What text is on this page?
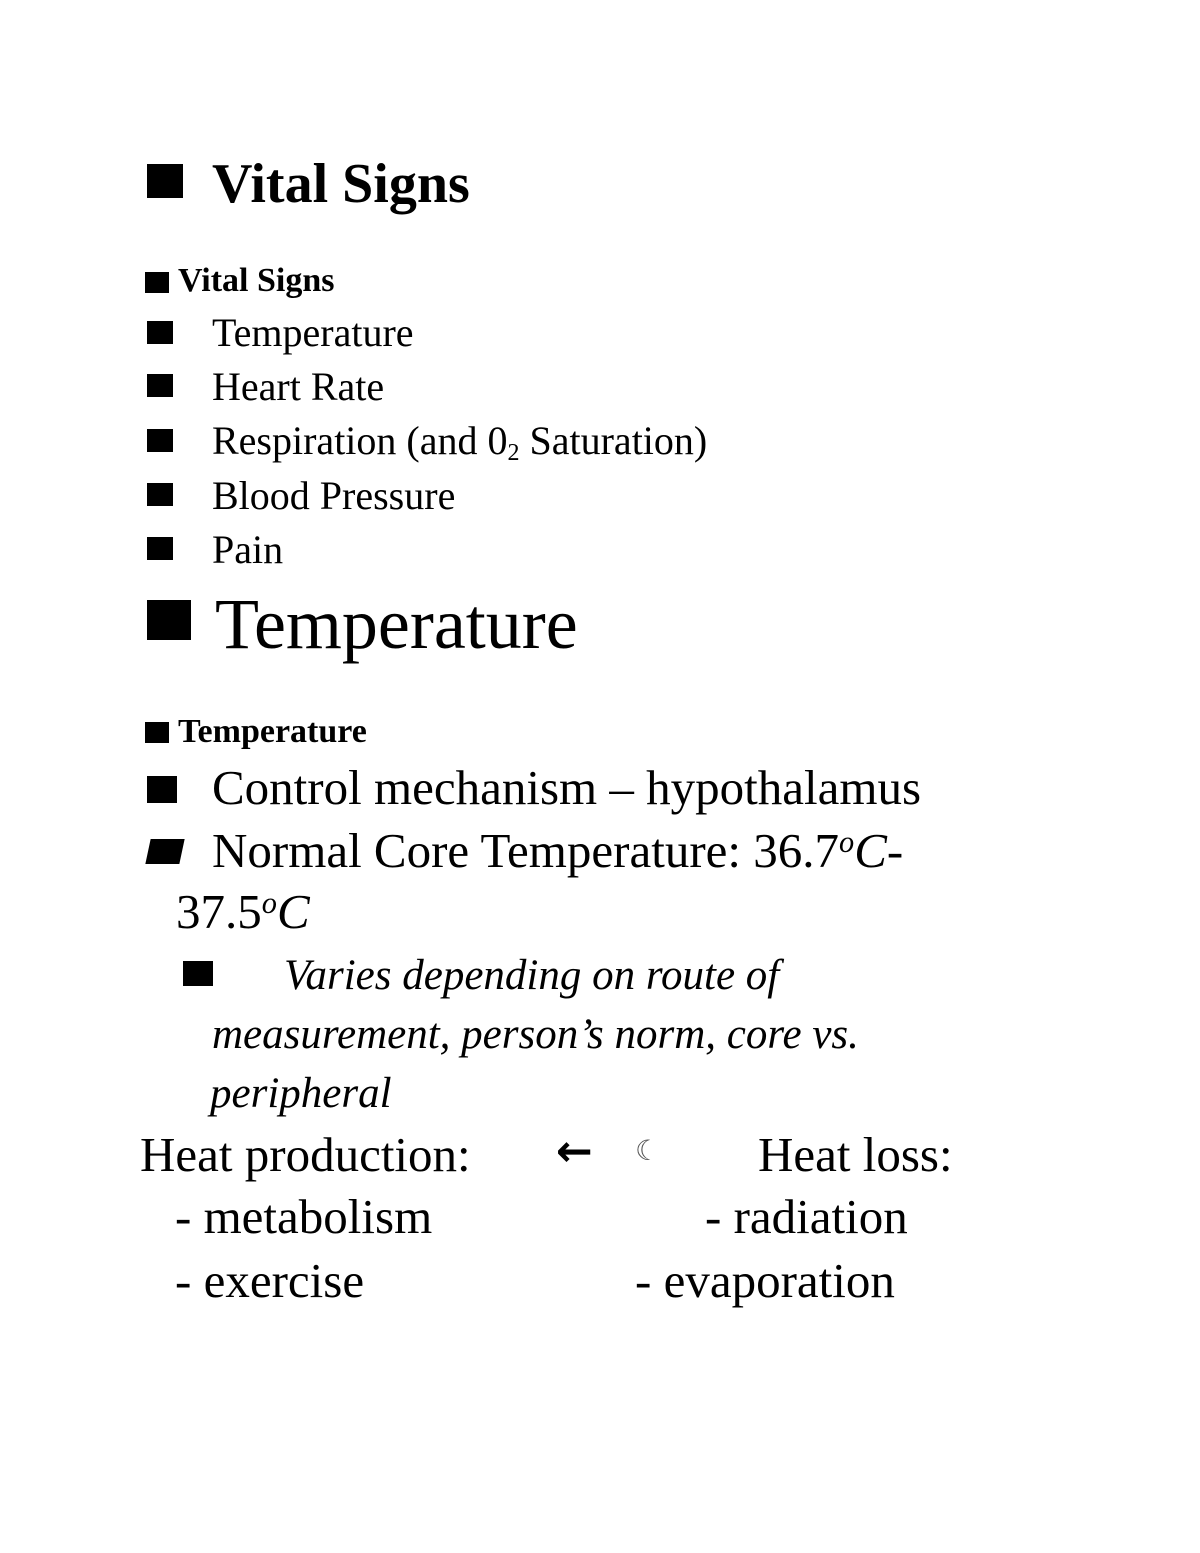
Vital Signs
Vital Signs
Temperature
Heart Rate
Respiration (and $0_2$ Saturation)
Blood Pressure
Pain
Temperature
Temperature
Control mechanism – hypothalamus
Normal Core Temperature: 36.7$^o$C-
37.5$^o$C
Varies depending on route of
measurement, person’s norm, core vs.
peripheral
Heat production: ← ☾ Heat loss:
- metabolism
- exercise
- radiation
- evaporation
